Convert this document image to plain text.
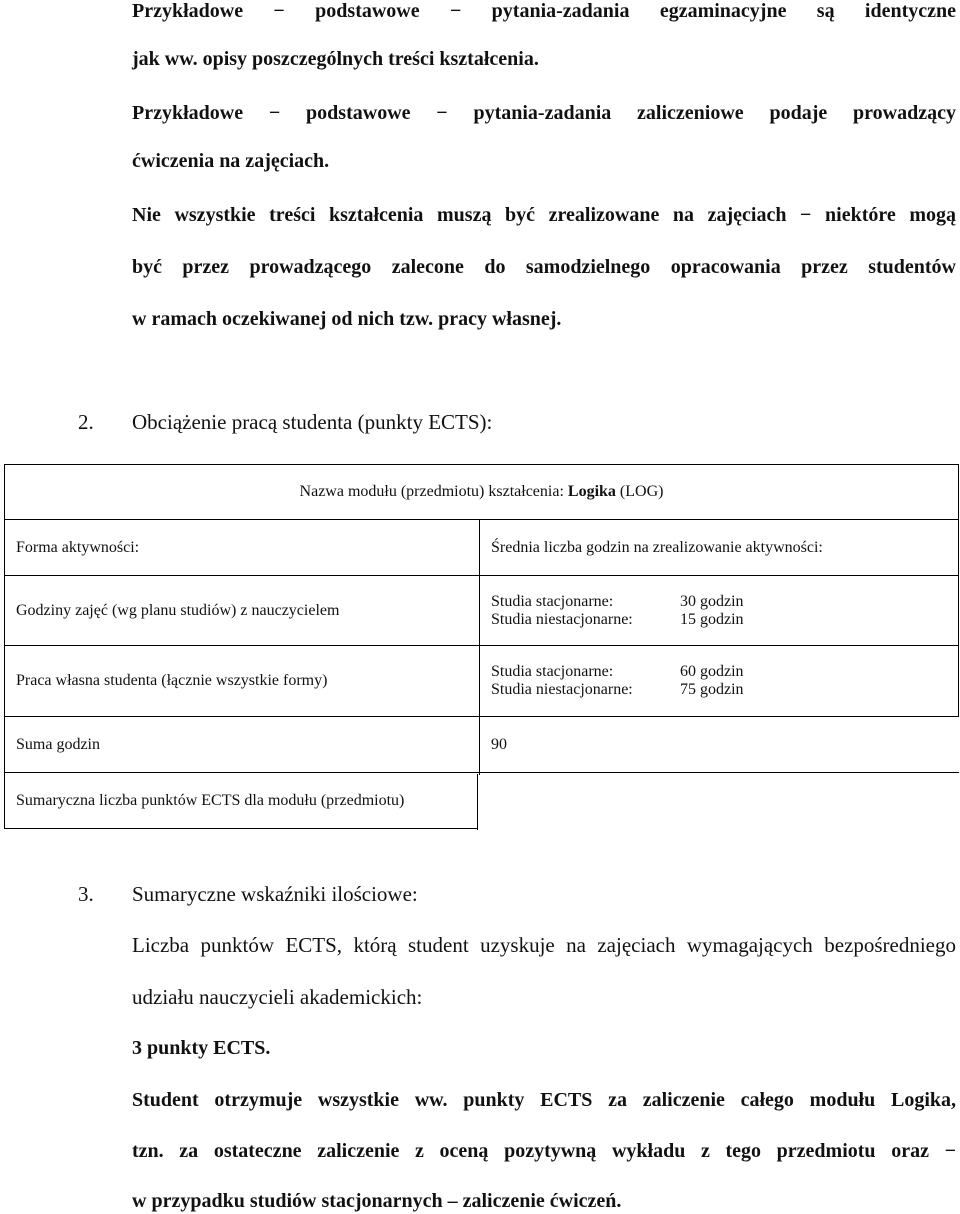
Przykładowe − podstawowe − pytania-zadania egzaminacyjne są identyczne

jak ww. opisy poszczególnych treści kształcenia.

Przykładowe − podstawowe − pytania-zadania zaliczeniowe podaje prowadzący

ćwiczenia na zajęciach.

Nie wszystkie treści kształcenia muszą być zrealizowane na zajęciach − niektóre mogą

być przez prowadzącego zalecone do samodzielnego opracowania przez studentów

w ramach oczekiwanej od nich tzw. pracy własnej.

2. Obciążenie pracą studenta (punkty ECTS):
Nazwa modułu (przedmiotu) kształcenia: Logika (LOG)	
Forma aktywności:	Średnia liczba godzin na zrealizowanie aktywności:
Godziny zajęć (wg planu studiów) z nauczycielem	Studia stacjonarne: 30 godzin
Studia niestacjonarne: 15 godzin

Praca własna studenta (łącznie wszystkie formy)	Studia stacjonarne: 60 godzin
Studia niestacjonarne: 75 godzin

Suma godzin	90
Sumaryczna liczba punktów ECTS dla modułu (przedmiotu)	
3. Sumaryczne wskaźniki ilościowe:

Liczba punktów ECTS, którą student uzyskuje na zajęciach wymagających bezpośredniego

udziału nauczycieli akademickich:

3 punkty ECTS.

Student otrzymuje wszystkie ww. punkty ECTS za zaliczenie całego modułu Logika,

tzn. za ostateczne zaliczenie z oceną pozytywną wykładu z tego przedmiotu oraz −

w przypadku studiów stacjonarnych – zaliczenie ćwiczeń.
